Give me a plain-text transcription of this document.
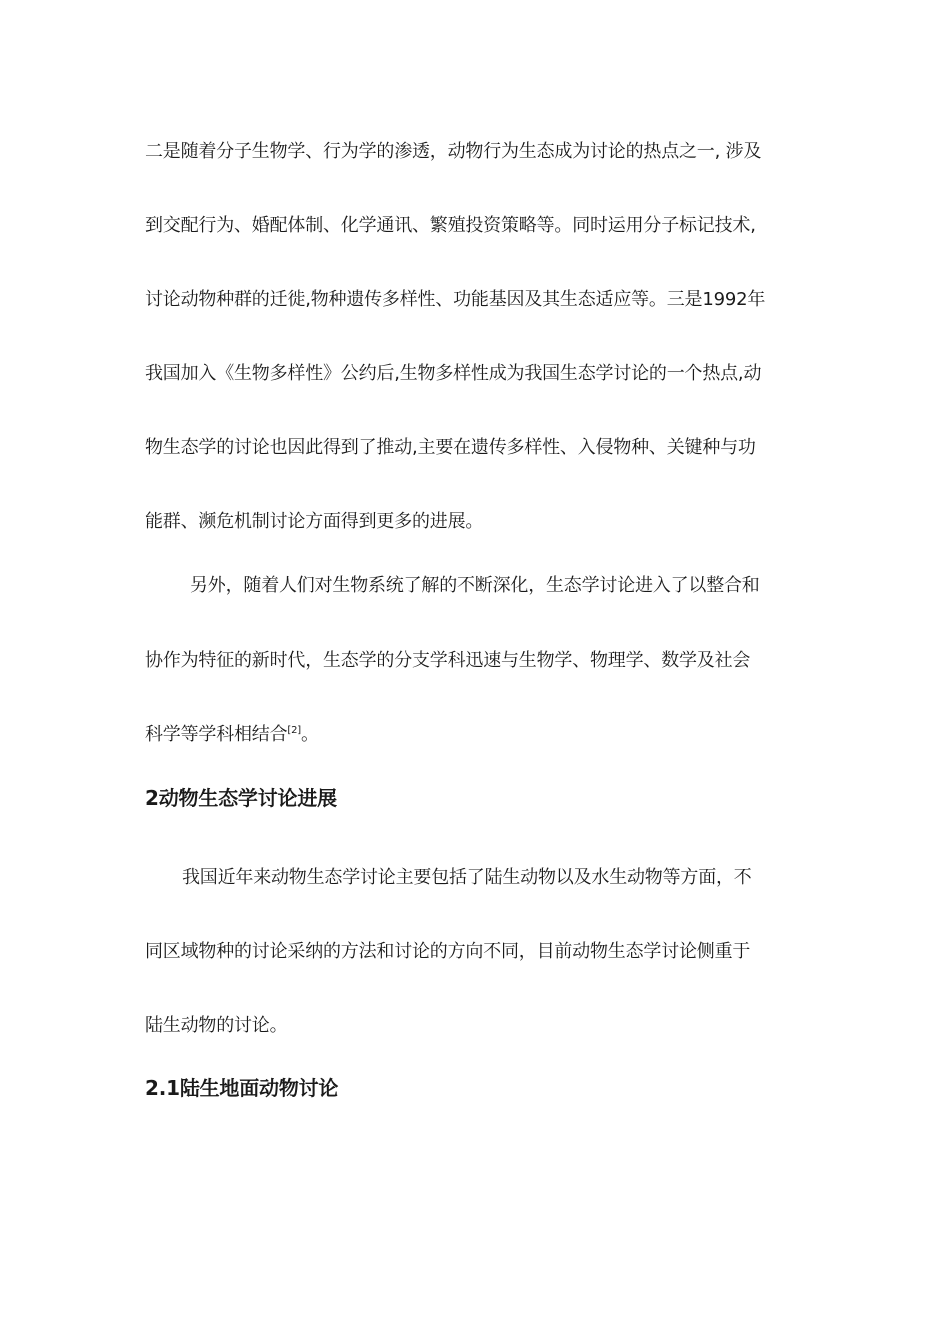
二是随着分子生物学、行为学的渗透，动物行为生态成为讨论的热点之一, 涉及
到交配行为、婚配体制、化学通讯、繁殖投资策略等。同时运用分子标记技术,
讨论动物种群的迁徙,物种遗传多样性、功能基因及其生态适应等。三是1992年
我国加入《生物多样性》公约后,生物多样性成为我国生态学讨论的一个热点,动
物生态学的讨论也因此得到了推动,主要在遗传多样性、入侵物种、关键种与功
能群、濒危机制讨论方面得到更多的进展。
另外，随着人们对生物系统了解的不断深化，生态学讨论进入了以整合和
协作为特征的新时代，生态学的分支学科迅速与生物学、物理学、数学及社会
科学等学科相结合[2]。
2动物生态学讨论进展
我国近年来动物生态学讨论主要包括了陆生动物以及水生动物等方面，不
同区域物种的讨论采纳的方法和讨论的方向不同，目前动物生态学讨论侧重于
陆生动物的讨论。
2.1陆生地面动物讨论
